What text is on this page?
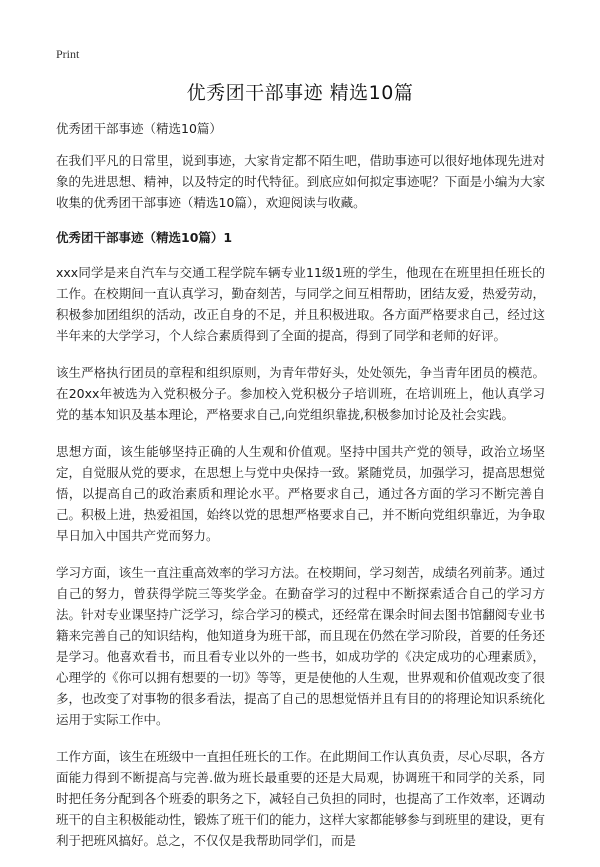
Print
优秀团干部事迹 精选10篇

优秀团干部事迹（精选10篇）

在我们平凡的日常里，说到事迹，大家肯定都不陌生吧，借助事迹可以很好地体现先进对象的先进思想、精神，以及特定的时代特征。到底应如何拟定事迹呢？下面是小编为大家收集的优秀团干部事迹（精选10篇），欢迎阅读与收藏。

优秀团干部事迹（精选10篇）1

xxx同学是来自汽车与交通工程学院车辆专业11级1班的学生，他现在在班里担任班长的工作。在校期间一直认真学习，勤奋刻苦，与同学之间互相帮助，团结友爱，热爱劳动，积极参加团组织的活动，改正自身的不足，并且积极进取。各方面严格要求自己，经过这半年来的大学学习，个人综合素质得到了全面的提高，得到了同学和老师的好评。

该生严格执行团员的章程和组织原则，为青年带好头，处处领先，争当青年团员的模范。在20xx年被选为入党积极分子。参加校入党积极分子培训班，在培训班上，他认真学习党的基本知识及基本理论，严格要求自己,向党组织靠拢,积极参加讨论及社会实践。

思想方面，该生能够坚持正确的人生观和价值观。坚持中国共产党的领导，政治立场坚定，自觉服从党的要求，在思想上与党中央保持一致。紧随党员，加强学习，提高思想觉悟，以提高自己的政治素质和理论水平。严格要求自己，通过各方面的学习不断完善自己。积极上进，热爱祖国，始终以党的思想严格要求自己，并不断向党组织靠近，为争取早日加入中国共产党而努力。

学习方面，该生一直注重高效率的学习方法。在校期间，学习刻苦，成绩名列前茅。通过自己的努力，曾获得学院三等奖学金。在勤奋学习的过程中不断探索适合自己的学习方法。针对专业课坚持广泛学习，综合学习的模式，还经常在课余时间去图书馆翻阅专业书籍来完善自己的知识结构，他知道身为班干部，而且现在仍然在学习阶段，首要的任务还是学习。他喜欢看书，而且看专业以外的一些书，如成功学的《决定成功的心理素质》，心理学的《你可以拥有想要的一切》等等，更是使他的人生观，世界观和价值观改变了很多，也改变了对事物的很多看法，提高了自己的思想觉悟并且有目的的将理论知识系统化运用于实际工作中。

工作方面，该生在班级中一直担任班长的工作。在此期间工作认真负责，尽心尽职，各方面能力得到不断提高与完善.做为班长最重要的还是大局观，协调班干和同学的关系，同时把任务分配到各个班委的职务之下，减轻自己负担的同时，也提高了工作效率，还调动班干的自主积极能动性，锻炼了班干们的能力，这样大家都能够参与到班里的建设，更有利于把班风搞好。总之，不仅仅是我帮助同学们，而是
